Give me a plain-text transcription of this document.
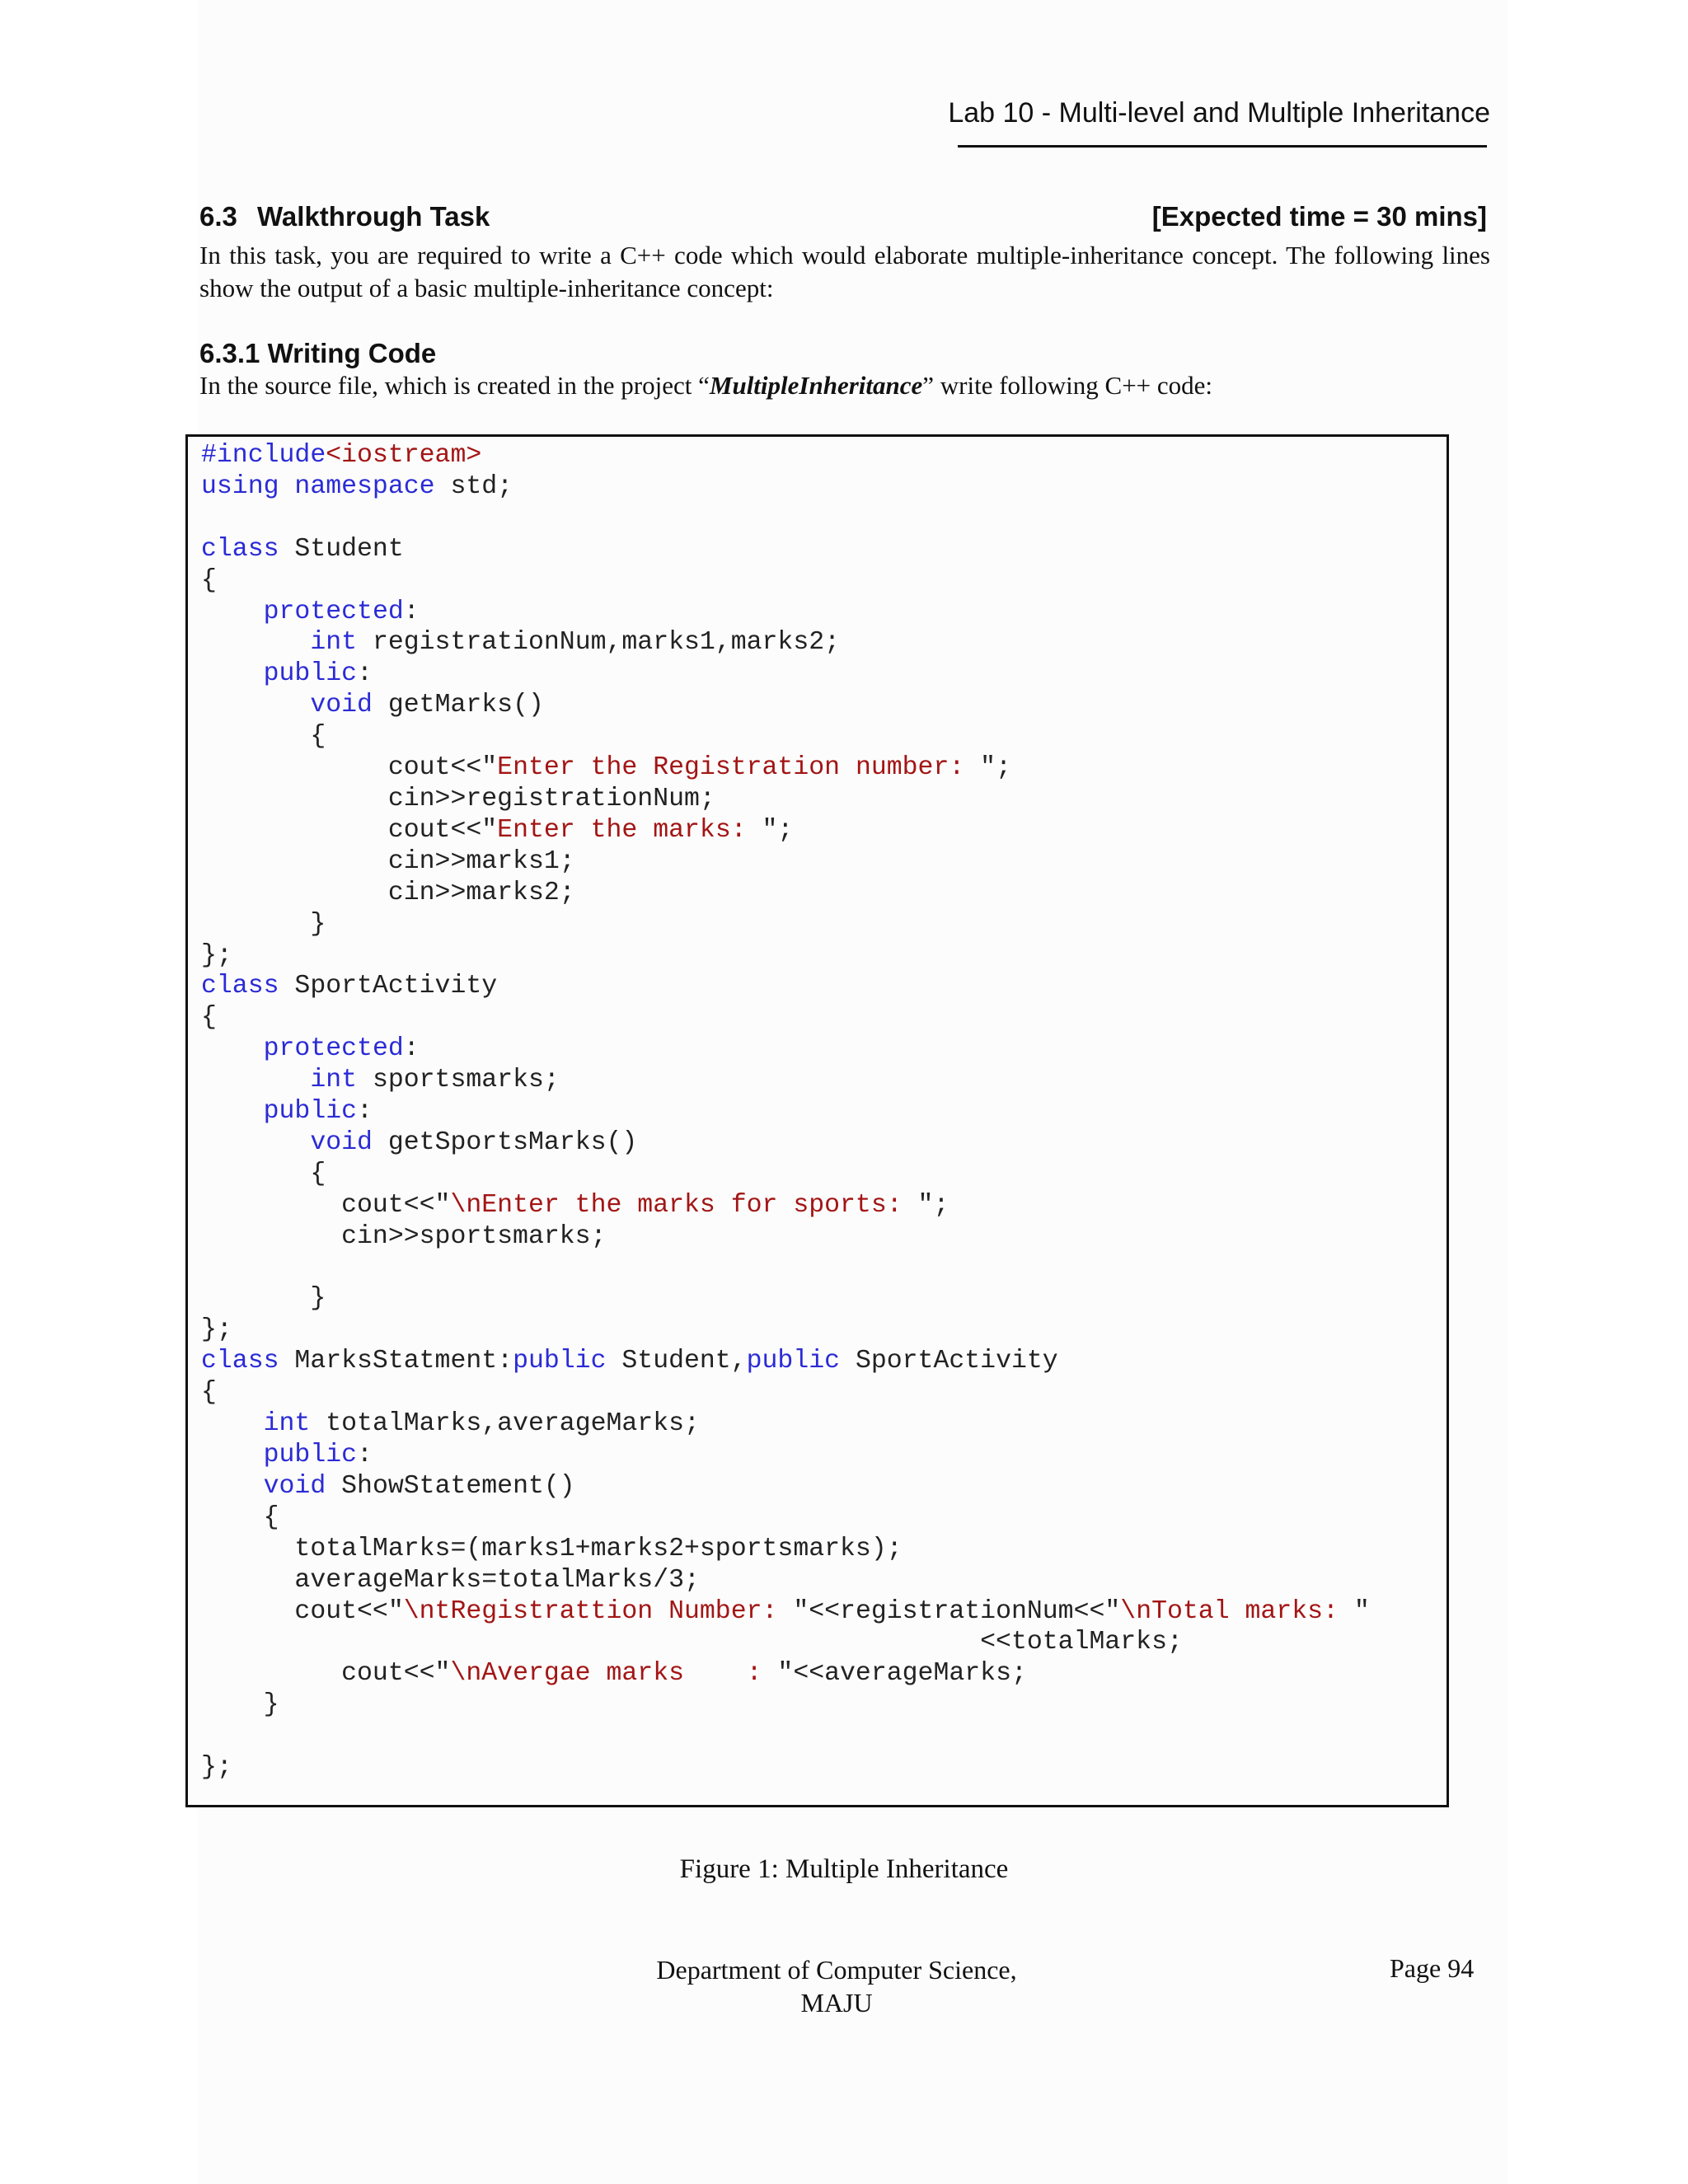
Lab 10 - Multi-level and Multiple Inheritance
6.3 Walkthrough Task	[Expected time = 30 mins]
In this task, you are required to write a C++ code which would elaborate multiple-inheritance concept. The following lines show the output of a basic multiple-inheritance concept:
6.3.1 Writing Code
In the source file, which is created in the project “MultipleInheritance” write following C++ code:
#include<iostream>
using namespace std;
class Student
{
protected:
int registrationNum,marks1,marks2;
public:
void getMarks()
{
cout<<"Enter the Registration number: ";
cin>>registrationNum;
cout<<"Enter the marks: ";
cin>>marks1;
cin>>marks2;
}
};
class SportActivity
{
protected:
int sportsmarks;
public:
void getSportsMarks()
{
cout<<"\nEnter the marks for sports: ";
cin>>sportsmarks;
}
};
class MarksStatment:public Student,public SportActivity
{
int totalMarks,averageMarks;
public:
void ShowStatement()
{
totalMarks=(marks1+marks2+sportsmarks);
averageMarks=totalMarks/3;
cout<<"\ntRegistrattion Number: "<<registrationNum<<"\nTotal marks: "
<<totalMarks;
cout<<"\nAvergae marks    : "<<averageMarks;
}
};
Figure 1: Multiple Inheritance
Department of Computer Science,
MAJU
Page 94
